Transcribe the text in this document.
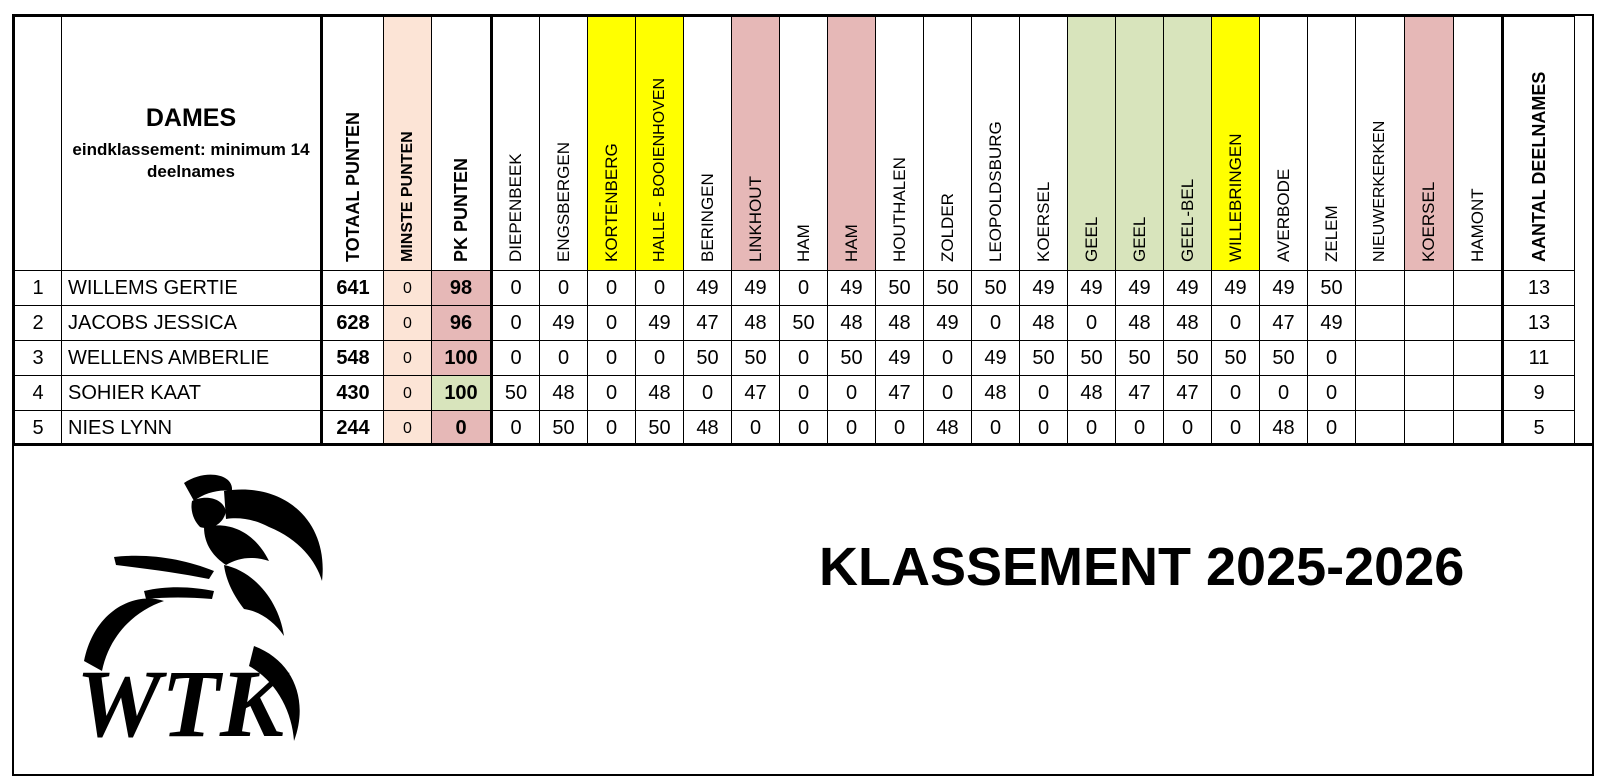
	DAMES
eindklassement: minimum 14 deelnames	TOTAAL PUNTEN	MINSTE PUNTEN	PK PUNTEN	DIEPENBEEK	ENGSBERGEN	KORTENBERG	HALLE - BOOIENHOVEN	BERINGEN	LINKHOUT	HAM	HAM	HOUTHALEN	ZOLDER	LEOPOLDSBURG	KOERSEL	GEEL	GEEL	GEEL-BEL	WILLEBRINGEN	AVERBODE	ZELEM	NIEUWERKERKEN	KOERSEL	HAMONT	AANTAL DEELNAMES

1	WILLEMS GERTIE	641	0	98	0	0	0	0	49	49	0	49	50	50	50	49	49	49	49	49	49	50				13
2	JACOBS JESSICA	628	0	96	0	49	0	49	47	48	50	48	48	49	0	48	0	48	48	0	47	49				13
3	WELLENS AMBERLIE	548	0	100	0	0	0	0	50	50	0	50	49	0	49	50	50	50	50	50	50	0				11
4	SOHIER KAAT	430	0	100	50	48	0	48	0	47	0	0	47	0	48	0	48	47	47	0	0	0				9
5	NIES LYNN	244	0	0	0	50	0	50	48	0	0	0	0	48	0	0	0	0	0	0	48	0				5
WTK
KLASSEMENT 2025-2026
